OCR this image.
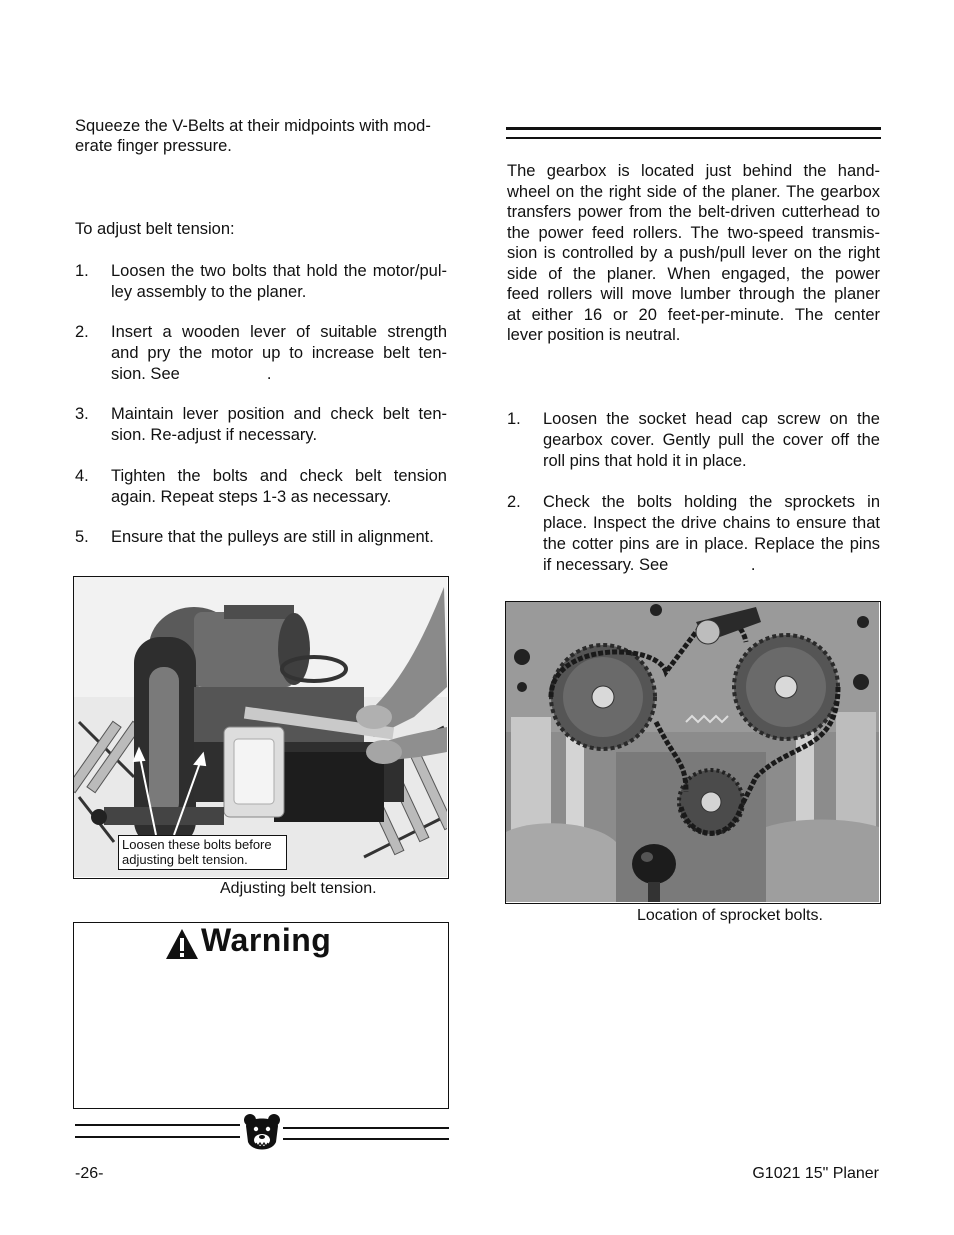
Squeeze the V-Belts at their midpoints with mod-
erate finger pressure.
To adjust belt tension:
1. Loosen the two bolts that hold the motor/pul-
ley assembly to the planer.
2. Insert a wooden lever of suitable strength
and pry the motor up to increase belt ten-
sion. See                   .
3. Maintain lever position and check belt ten-
sion. Re-adjust if necessary.
4. Tighten the bolts and check belt tension
again. Repeat steps 1-3 as necessary.
5. Ensure that the pulleys are still in alignment.
Loosen these bolts before
adjusting belt tension.
Adjusting belt tension.
Warning
The gearbox is located just behind the hand-
wheel on the right side of the planer. The gearbox
transfers power from the belt-driven cutterhead to
the power feed rollers. The two-speed transmis-
sion is controlled by a push/pull lever on the right
side of the planer. When engaged, the power
feed rollers will move lumber through the planer
at either 16 or 20 feet-per-minute. The center
lever position is neutral.
1. Loosen the socket head cap screw on the
gearbox cover. Gently pull the cover off the
roll pins that hold it in place.
2. Check the bolts holding the sprockets in
place. Inspect the drive chains to ensure that
the cotter pins are in place. Replace the pins
if necessary. See                  .
Location of sprocket bolts.
-26-	G1021 15" Planer
